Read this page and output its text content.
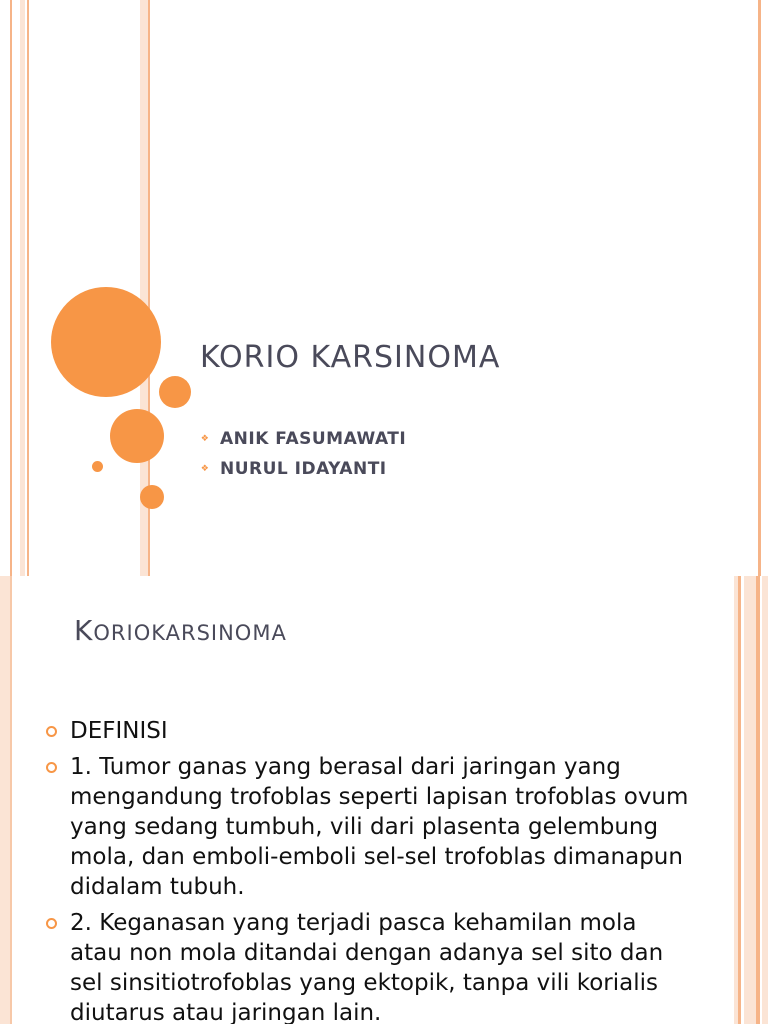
KORIO KARSINOMA
❖ ANIK FASUMAWATI
❖ NURUL IDAYANTI
KORIOKARSINOMA
DEFINISI
1. Tumor ganas yang berasal dari jaringan yang mengandung trofoblas seperti lapisan trofoblas ovum yang sedang tumbuh, vili dari plasenta gelembung mola, dan emboli-emboli sel-sel trofoblas dimanapun didalam tubuh.
2. Keganasan yang terjadi pasca kehamilan mola atau non mola ditandai dengan adanya sel sito dan sel sinsitiotrofoblas yang ektopik, tanpa vili korialis diutarus atau jaringan lain.
